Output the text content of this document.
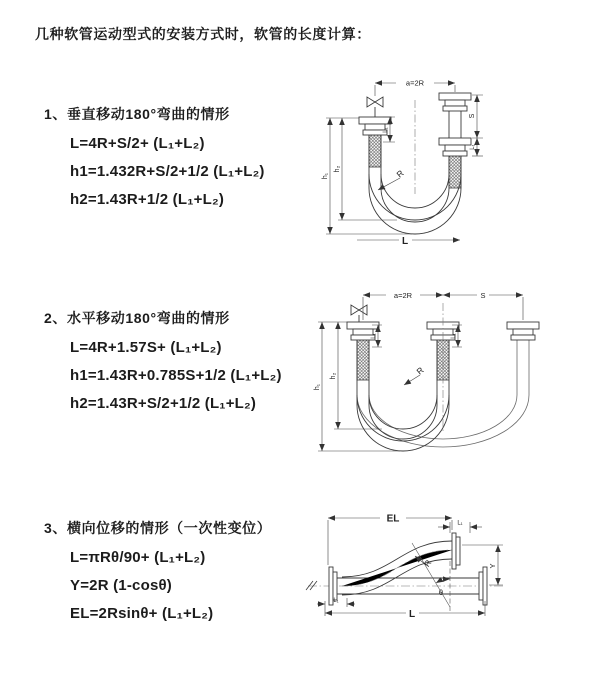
几种软管运动型式的安装方式时，软管的长度计算：
1、垂直移动180°弯曲的情形
L=4R+S/2+ (L₁+L₂)
h1=1.432R+S/2+1/2 (L₁+L₂)
h2=1.43R+1/2 (L₁+L₂)
2、水平移动180°弯曲的情形
L=4R+1.57S+ (L₁+L₂)
h1=1.43R+0.785S+1/2 (L₁+L₂)
h2=1.43R+S/2+1/2 (L₁+L₂)
3、横向位移的情形（一次性变位）
L=πRθ/90+ (L₁+L₂)
Y=2R (1-cosθ)
EL=2Rsinθ+ (L₁+L₂)
a=2R
S
L₁
h₁
h₂
L₁
R
L
a=2R	S
h₁
h₂
L₁	L₁
R
EL	L₁
Y
L₁
R
θ
L
